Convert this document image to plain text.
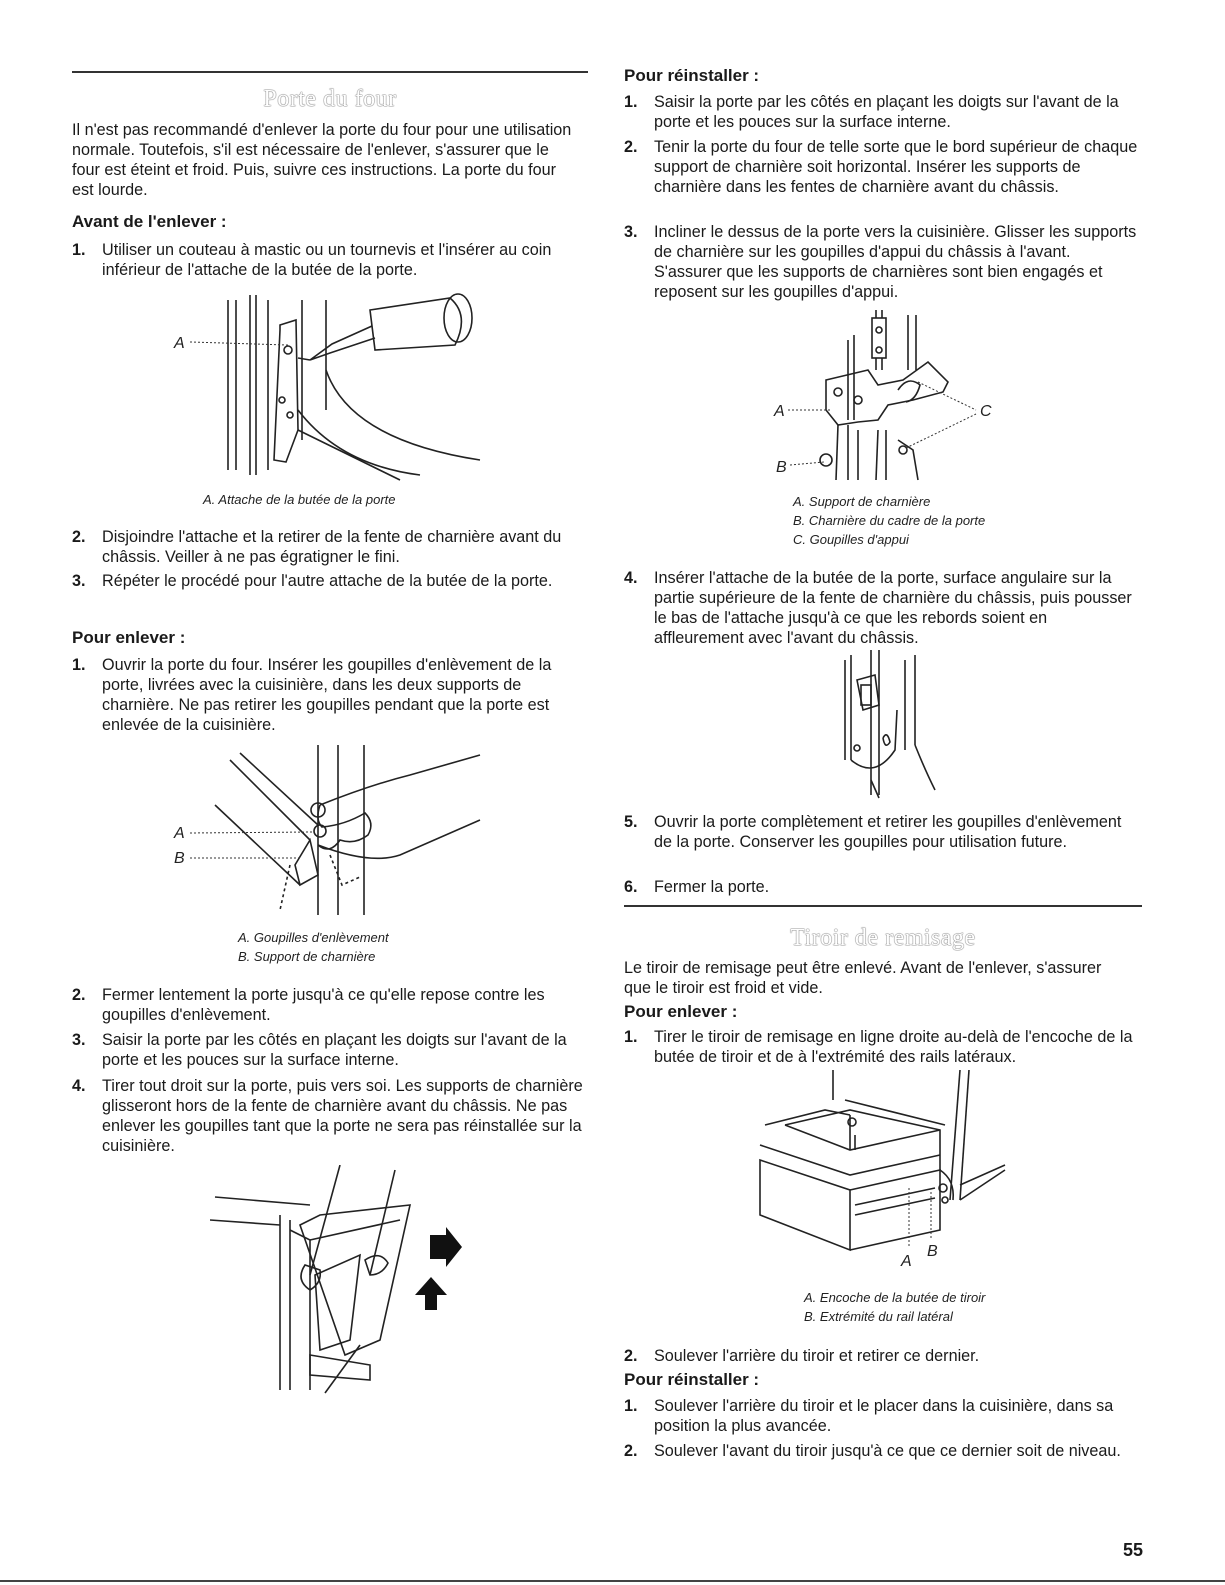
Porte du four

Il n'est pas recommandé d'enlever la porte du four pour une utilisation normale. Toutefois, s'il est nécessaire de l'enlever, s'assurer que le four est éteint et froid. Puis, suivre ces instructions. La porte du four est lourde.

Avant de l'enlever :

1. Utiliser un couteau à mastic ou un tournevis et l'insérer au coin inférieur de l'attache de la butée de la porte.
A
A. Attache de la butée de la porte
2. Disjoindre l'attache et la retirer de la fente de charnière avant du châssis. Veiller à ne pas égratigner le fini.
3. Répéter le procédé pour l'autre attache de la butée de la porte.

Pour enlever :

1. Ouvrir la porte du four. Insérer les goupilles d'enlèvement de la porte, livrées avec la cuisinière, dans les deux supports de charnière. Ne pas retirer les goupilles pendant que la porte est enlevée de la cuisinière.
A
B
A. Goupilles d'enlèvement
B. Support de charnière
2. Fermer lentement la porte jusqu'à ce qu'elle repose contre les goupilles d'enlèvement.
3. Saisir la porte par les côtés en plaçant les doigts sur l'avant de la porte et les pouces sur la surface interne.
4. Tirer tout droit sur la porte, puis vers soi. Les supports de charnière glisseront hors de la fente de charnière avant du châssis. Ne pas enlever les goupilles tant que la porte ne sera pas réinstallée sur la cuisinière.

Pour réinstaller :

1. Saisir la porte par les côtés en plaçant les doigts sur l'avant de la porte et les pouces sur la surface interne.
2. Tenir la porte du four de telle sorte que le bord supérieur de chaque support de charnière soit horizontal. Insérer les supports de charnière dans les fentes de charnière avant du châssis.
3. Incliner le dessus de la porte vers la cuisinière. Glisser les supports de charnière sur les goupilles d'appui du châssis à l'avant. S'assurer que les supports de charnières sont bien engagés et reposent sur les goupilles d'appui.
A
B
C
A. Support de charnière
B. Charnière du cadre de la porte
C. Goupilles d'appui
4. Insérer l'attache de la butée de la porte, surface angulaire sur la partie supérieure de la fente de charnière du châssis, puis pousser le bas de l'attache jusqu'à ce que les rebords soient en affleurement avec l'avant du châssis.
5. Ouvrir la porte complètement et retirer les goupilles d'enlèvement de la porte. Conserver les goupilles pour utilisation future.
6. Fermer la porte.
Tiroir de remisage

Le tiroir de remisage peut être enlevé. Avant de l'enlever, s'assurer que le tiroir est froid et vide.

Pour enlever :

1. Tirer le tiroir de remisage en ligne droite au-delà de l'encoche de la butée de tiroir et de à l'extrémité des rails latéraux.
A
B
A. Encoche de la butée de tiroir
B. Extrémité du rail latéral
2. Soulever l'arrière du tiroir et retirer ce dernier.

Pour réinstaller :

1. Soulever l'arrière du tiroir et le placer dans la cuisinière, dans sa position la plus avancée.
2. Soulever l'avant du tiroir jusqu'à ce que ce dernier soit de niveau.
55
